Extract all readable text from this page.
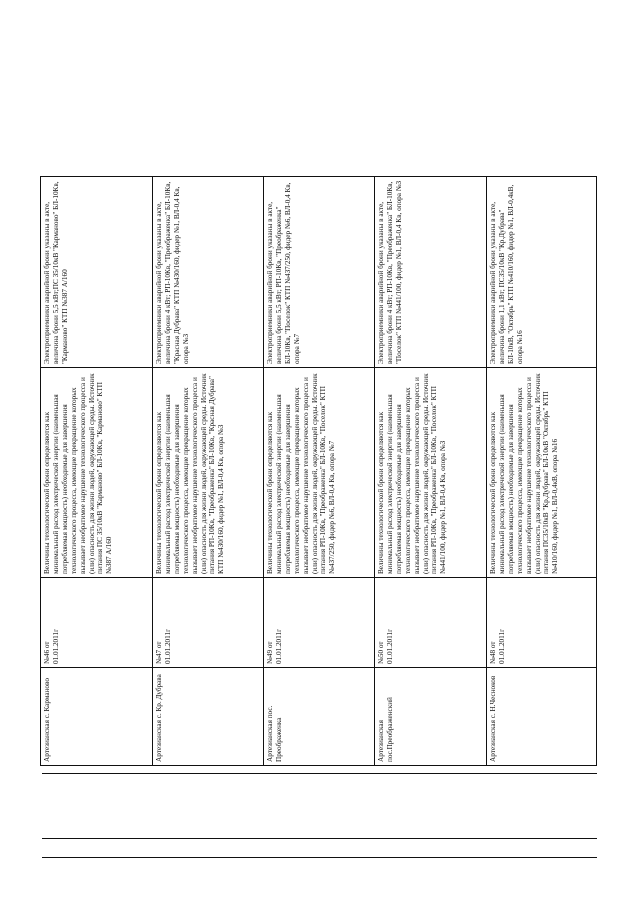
Электроприемники аварийной брони указаны в акте, величина брони 5,5 кВт;ПС 35/10кВ "Карманово" БЛ-10Кв, "Карманово" КТП №387 А/160
Величины технологической брони определяются как минимальный расход электрической энергии (наименьшая потребляемая мощность) необходимые для завершения технологического процесса, имеющие прекращение которых вызывает необратимое нарушение технологического процесса и (или) опасность для жизни людей, окружающей среды. Источник питания ПС 35/10кВ "Карманово" БЛ-10Кв, "Карманово" КТП №387 А/160
№46 от
01.01.2011г
Артезианская с. Карманово
Электроприемники аварийной брони указаны в акте, величина брони 4 кВт; РП-10Кв, "Преображенка" БЛ-10Кв, "Красная Дубрава" КТП №430/160, фидер №1, ВЛ-0,4 Кв, опора №3
Величины технологической брони определяются как минимальный расход электрической энергии (наименьшая потребляемая мощность) необходимые для завершения технологического процесса, имеющие прекращение которых вызывает необратимое нарушение технологического процесса и (или) опасность для жизни людей, окружающей среды. Источник питания РП-10Кв, "Преображенка" БЛ-10Кв, "Красная Дубрава" КТП №430/160, фидер №1, ВЛ-0,4 Кв, опора №3
№47 от
01.01.2011г
Артезианская с. Кр. Дубрава
Электроприемники аварийной брони указаны в акте, величина брони 5,5 кВт; РП-10Кв, "Преображенка" БЛ-10Кв, "Поселок" КТП №437/250, фидер №6, ВЛ-0,4 Кв, опора №7
Величины технологической брони определяются как минимальный расход электрической энергии (наименьшая потребляемая мощность) необходимые для завершения технологического процесса, имеющие прекращение которых вызывает необратимое нарушение технологического процесса и (или) опасность для жизни людей, окружающей среды. Источник питания РП-10Кв, "Преображенка" БЛ-10Кв, "Поселок" КТП №437/250, фидер №6, ВЛ-0,4 Кв, опора №7
№49 от
01.01.2011г
Артезианская пос. Преображенка
Электроприемники аварийной брони указаны в акте, величина брони 4 кВт; РП-10Кв, "Преображенка" БЛ-10Кв, "Поселок" КТП №441/100, фидер №1, ВЛ-0,4 Кв, опора №3
Величины технологической брони определяются как минимальный расход электрической энергии (наименьшая потребляемая мощность) необходимые для завершения технологического процесса, имеющие прекращение которых вызывает необратимое нарушение технологического процесса и (или) опасность для жизни людей, окружающей среды. Источник питания РП-10Кв, "Преображенка" БЛ-10Кв, "Поселок" КТП №441/100, фидер №1, ВЛ-0,4 Кв, опора №3
№50 от
01.01.2011г
Артезианская пос.Преображенский
Электроприемники аварийной брони указаны в акте, величина брони 1,1 кВт; ПС35/10кВ "Кр.Дубрава" БЛ-10кВ, "Октябрь" КТП №410/160, фидер №1, ВЛ-0,4кВ, опора №16
Величины технологической брони определяются как минимальный расход электрической энергии (наименьшая потребляемая мощность) необходимые для завершения технологического процесса, имеющие прекращение которых вызывает необратимое нарушение технологического процесса и (или) опасность для жизни людей, окружающей среды. Источник питания ПС35/10кВ "Кр.Дубрава" БЛ-10кВ "Октябрь" КТП №410/160, фидер №1, ВЛ-0,4кВ, опора №16
№48 от
01.01.2011г
Артезианская с. Н.Чесноков
